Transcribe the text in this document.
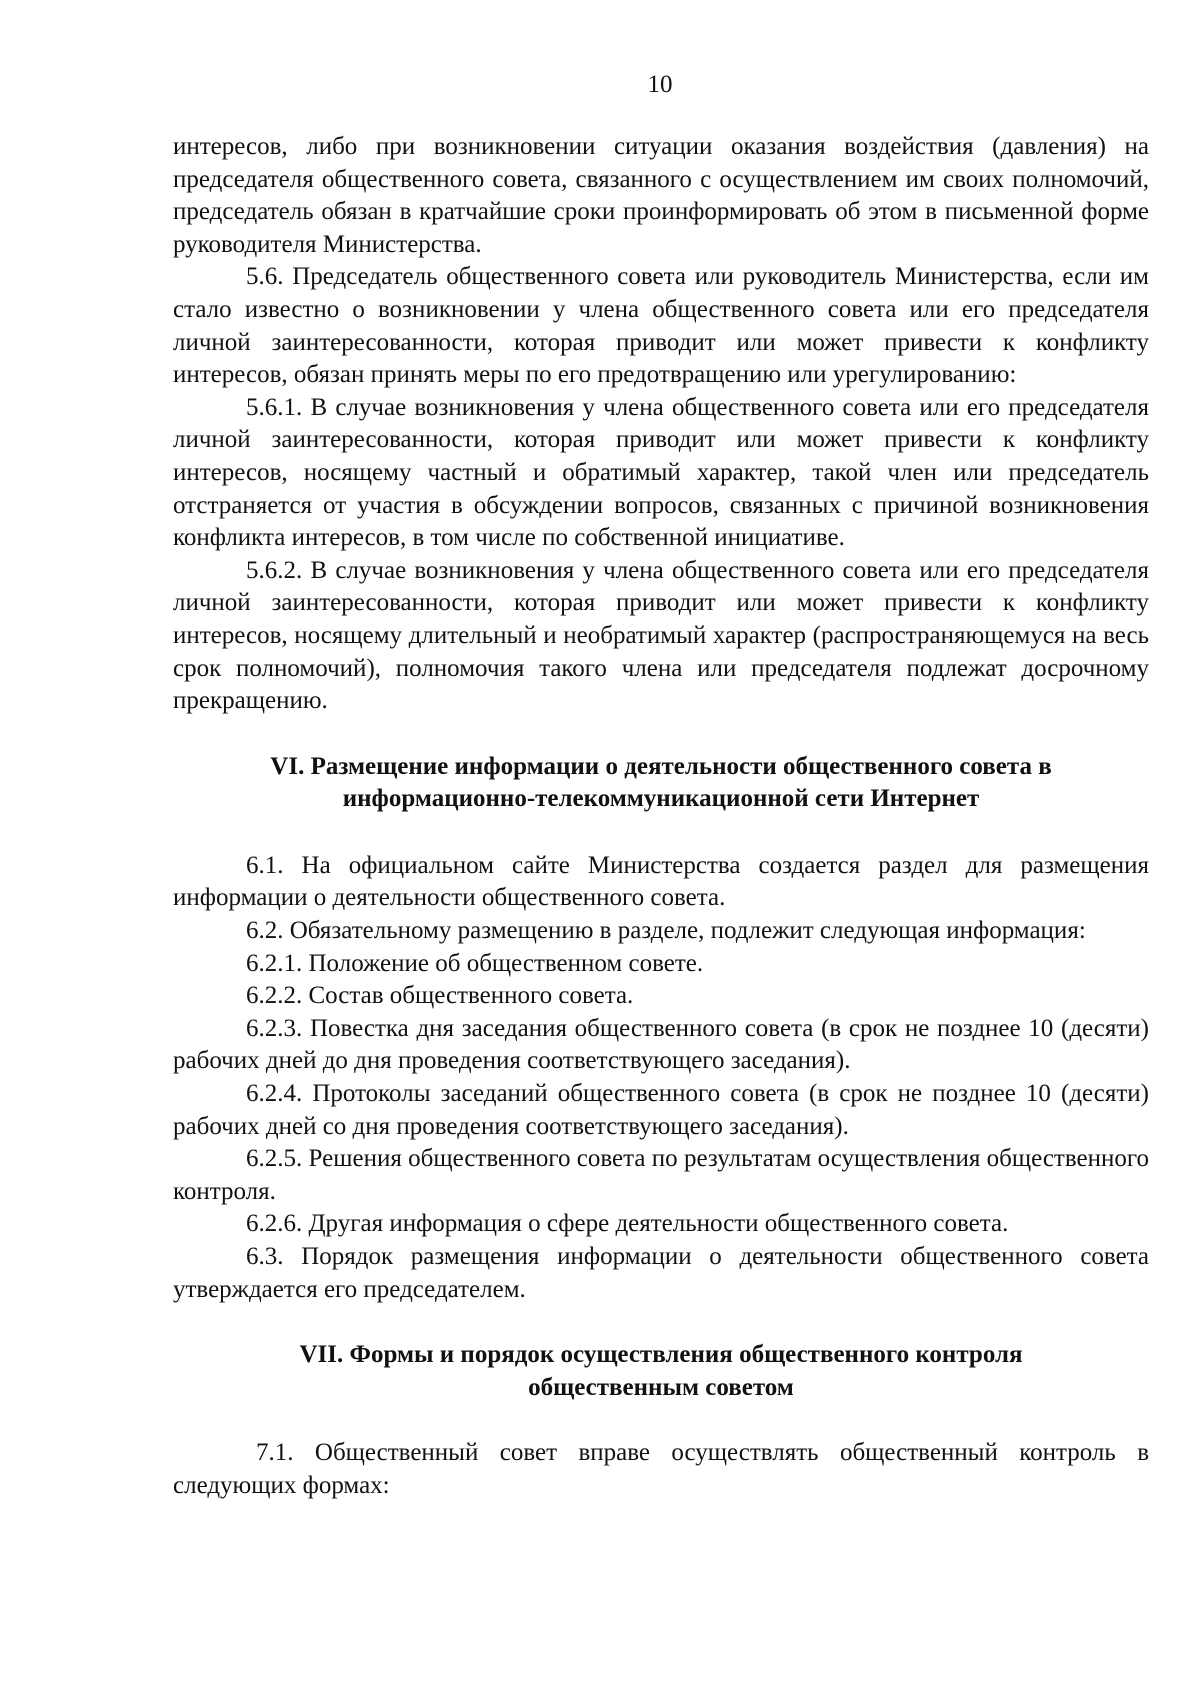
10

интересов, либо при возникновении ситуации оказания воздействия (давления) на председателя общественного совета, связанного с осуществлением им своих полномочий, председатель обязан в кратчайшие сроки проинформировать об этом в письменной форме руководителя Министерства.

5.6. Председатель общественного совета или руководитель Министерства, если им стало известно о возникновении у члена общественного совета или его председателя личной заинтересованности, которая приводит или может привести к конфликту интересов, обязан принять меры по его предотвращению или урегулированию:

5.6.1. В случае возникновения у члена общественного совета или его председателя личной заинтересованности, которая приводит или может привести к конфликту интересов, носящему частный и обратимый характер, такой член или председатель отстраняется от участия в обсуждении вопросов, связанных с причиной возникновения конфликта интересов, в том числе по собственной инициативе.

5.6.2. В случае возникновения у члена общественного совета или его председателя личной заинтересованности, которая приводит или может привести к конфликту интересов, носящему длительный и необратимый характер (распространяющемуся на весь срок полномочий), полномочия такого члена или председателя подлежат досрочному прекращению.

VI. Размещение информации о деятельности общественного совета в
информационно-телекоммуникационной сети Интернет

6.1. На официальном сайте Министерства создается раздел для размещения информации о деятельности общественного совета.

6.2. Обязательному размещению в разделе, подлежит следующая информация:

6.2.1. Положение об общественном совете.

6.2.2. Состав общественного совета.

6.2.3. Повестка дня заседания общественного совета (в срок не позднее 10 (десяти) рабочих дней до дня проведения соответствующего заседания).

6.2.4. Протоколы заседаний общественного совета (в срок не позднее 10 (десяти) рабочих дней со дня проведения соответствующего заседания).

6.2.5. Решения общественного совета по результатам осуществления общественного контроля.

6.2.6. Другая информация о сфере деятельности общественного совета.

6.3. Порядок размещения информации о деятельности общественного совета утверждается его председателем.

VII. Формы и порядок осуществления общественного контроля
общественным советом

7.1. Общественный совет вправе осуществлять общественный контроль в следующих формах:
